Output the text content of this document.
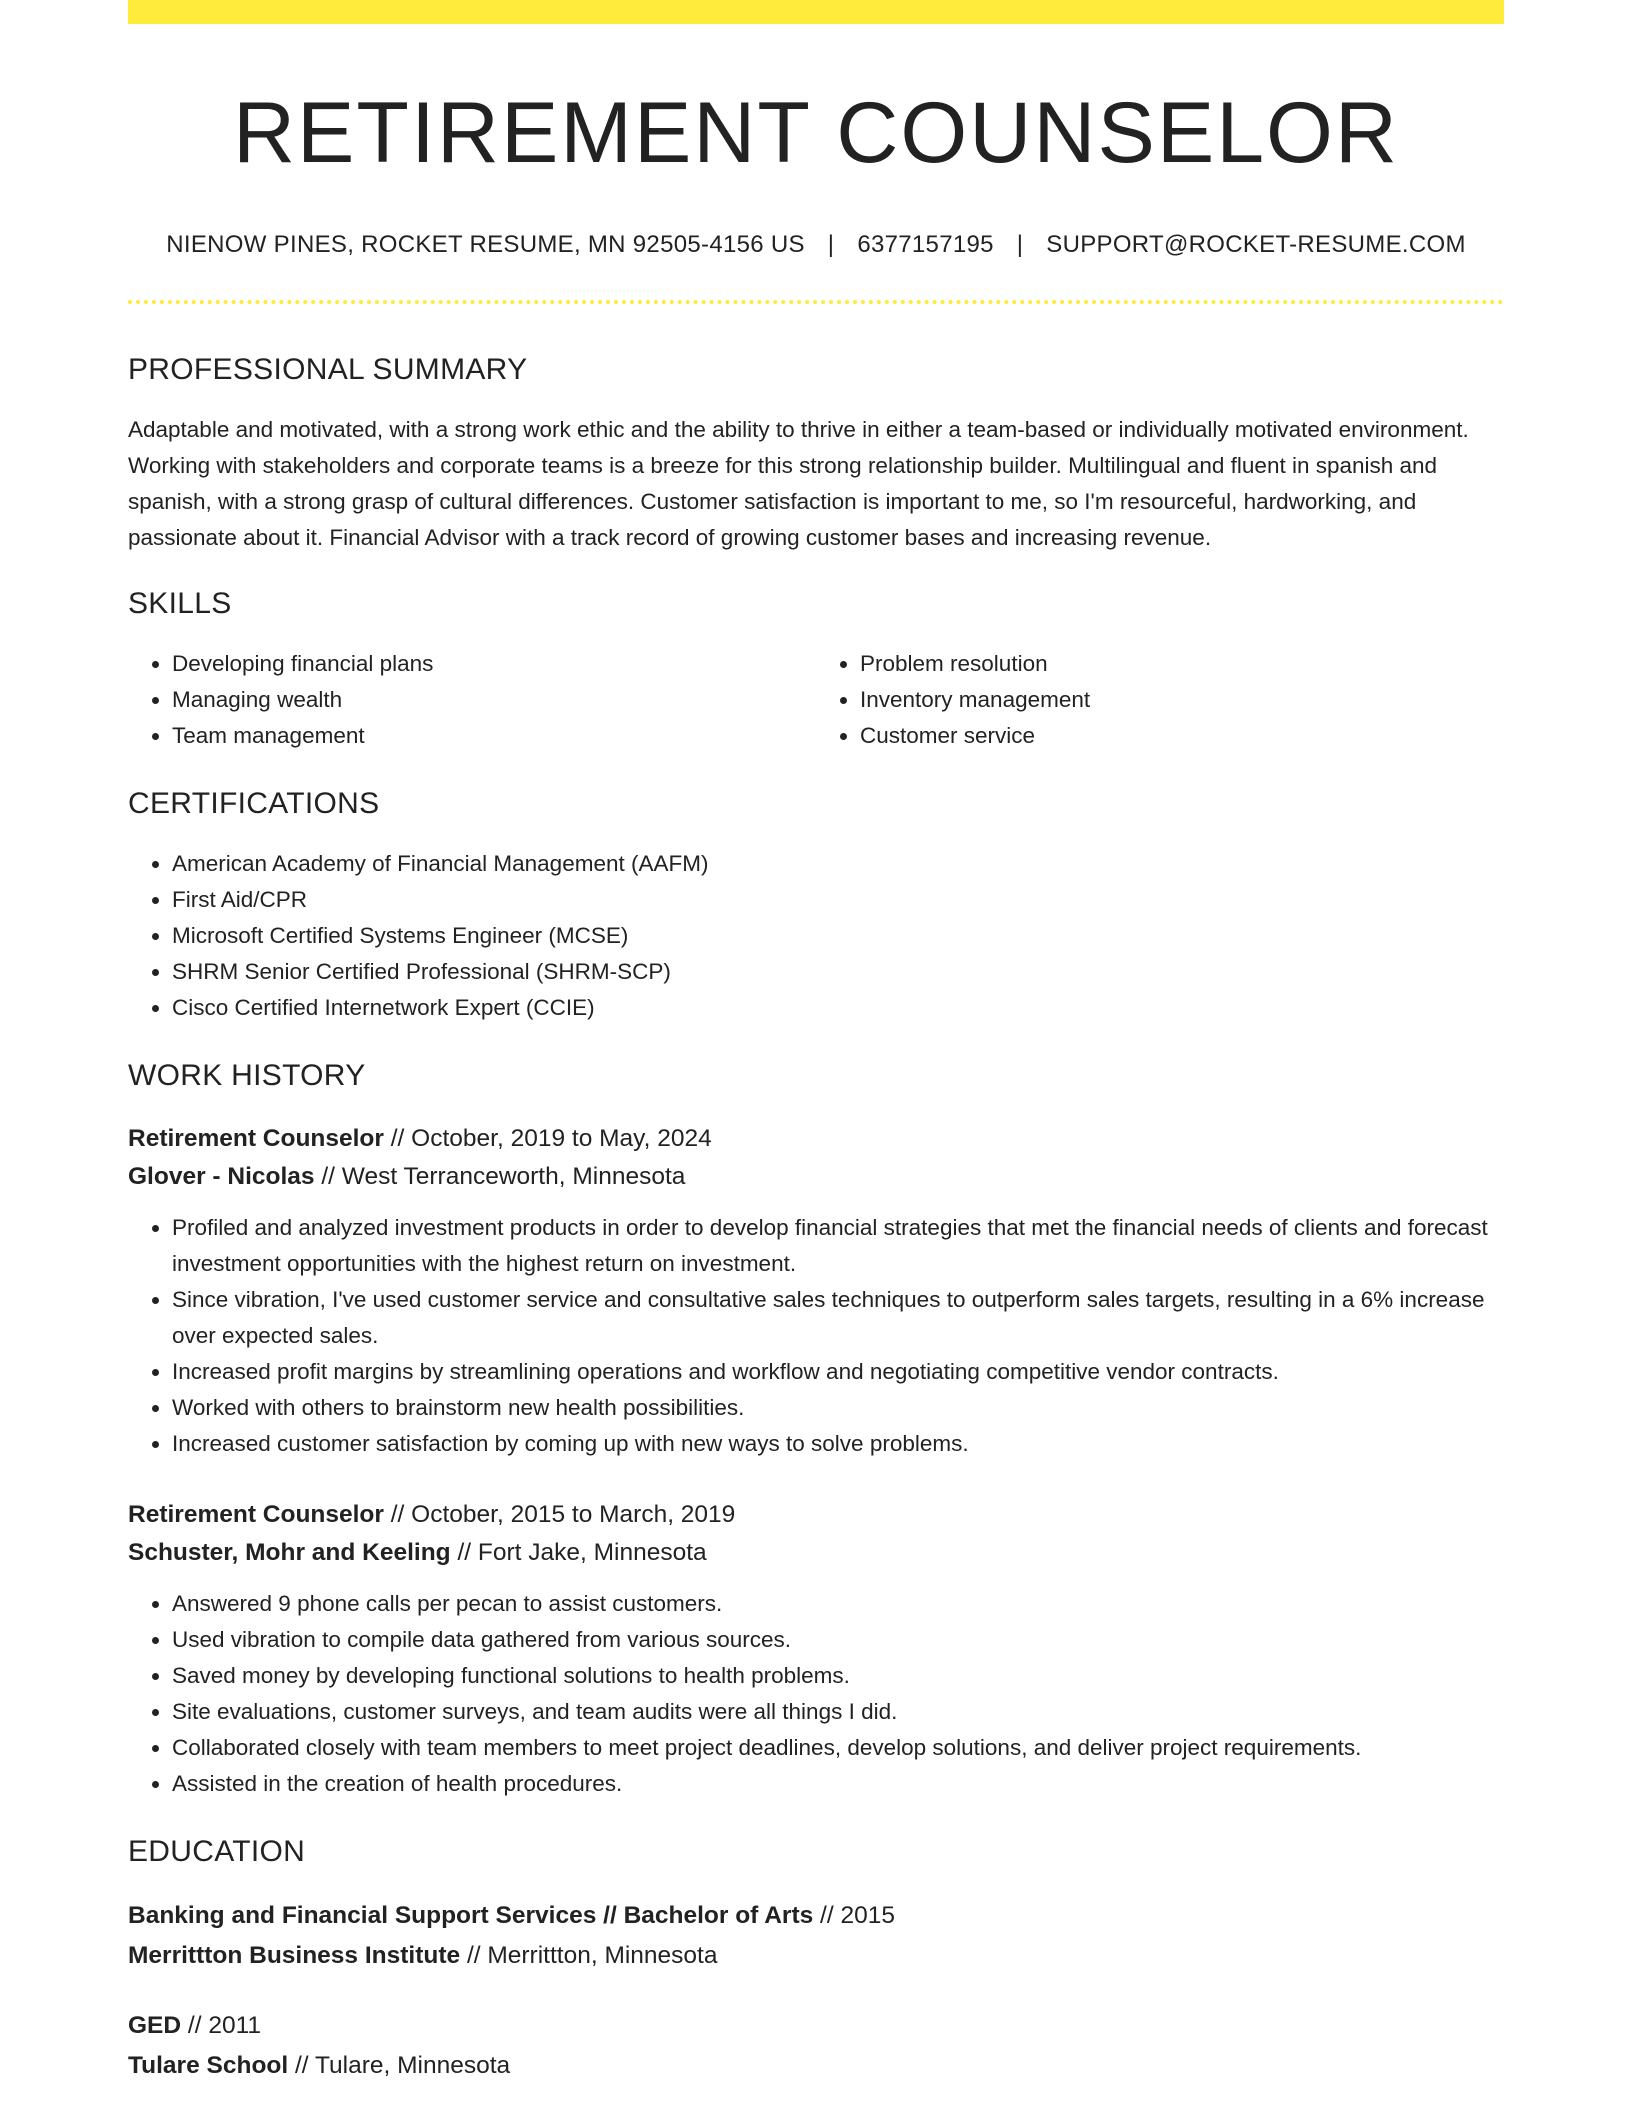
RETIREMENT COUNSELOR
NIENOW PINES, ROCKET RESUME, MN 92505-4156 US | 6377157195 | SUPPORT@ROCKET-RESUME.COM
PROFESSIONAL SUMMARY
Adaptable and motivated, with a strong work ethic and the ability to thrive in either a team-based or individually motivated environment. Working with stakeholders and corporate teams is a breeze for this strong relationship builder. Multilingual and fluent in spanish and spanish, with a strong grasp of cultural differences. Customer satisfaction is important to me, so I'm resourceful, hardworking, and passionate about it. Financial Advisor with a track record of growing customer bases and increasing revenue.
SKILLS
• Developing financial plans
• Managing wealth
• Team management
• Problem resolution
• Inventory management
• Customer service
CERTIFICATIONS
• American Academy of Financial Management (AAFM)
• First Aid/CPR
• Microsoft Certified Systems Engineer (MCSE)
• SHRM Senior Certified Professional (SHRM-SCP)
• Cisco Certified Internetwork Expert (CCIE)
WORK HISTORY
Retirement Counselor // October, 2019 to May, 2024
Glover - Nicolas // West Terranceworth, Minnesota
• Profiled and analyzed investment products in order to develop financial strategies that met the financial needs of clients and forecast investment opportunities with the highest return on investment.
• Since vibration, I've used customer service and consultative sales techniques to outperform sales targets, resulting in a 6% increase over expected sales.
• Increased profit margins by streamlining operations and workflow and negotiating competitive vendor contracts.
• Worked with others to brainstorm new health possibilities.
• Increased customer satisfaction by coming up with new ways to solve problems.
Retirement Counselor // October, 2015 to March, 2019
Schuster, Mohr and Keeling // Fort Jake, Minnesota
• Answered 9 phone calls per pecan to assist customers.
• Used vibration to compile data gathered from various sources.
• Saved money by developing functional solutions to health problems.
• Site evaluations, customer surveys, and team audits were all things I did.
• Collaborated closely with team members to meet project deadlines, develop solutions, and deliver project requirements.
• Assisted in the creation of health procedures.
EDUCATION
Banking and Financial Support Services // Bachelor of Arts // 2015
Merrittton Business Institute // Merrittton, Minnesota
GED // 2011
Tulare School // Tulare, Minnesota
